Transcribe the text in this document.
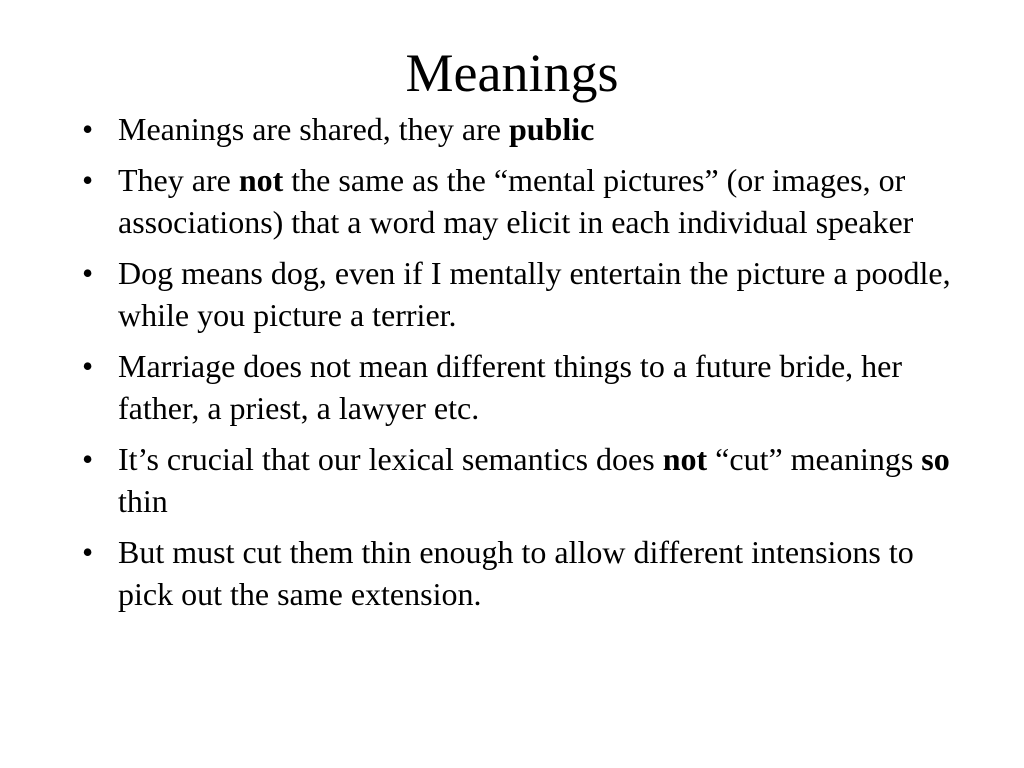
Meanings
• Meanings are shared, they are public
• They are not the same as the “mental pictures” (or images, or associations) that a word may elicit in each individual speaker
• Dog means dog, even if I mentally entertain the picture a poodle, while you picture a terrier.
• Marriage does not mean different things to a future bride, her father, a priest, a lawyer etc.
• It’s crucial that our lexical semantics does not “cut” meanings so thin
• But must cut them thin enough to allow different intensions to pick out the same extension.
